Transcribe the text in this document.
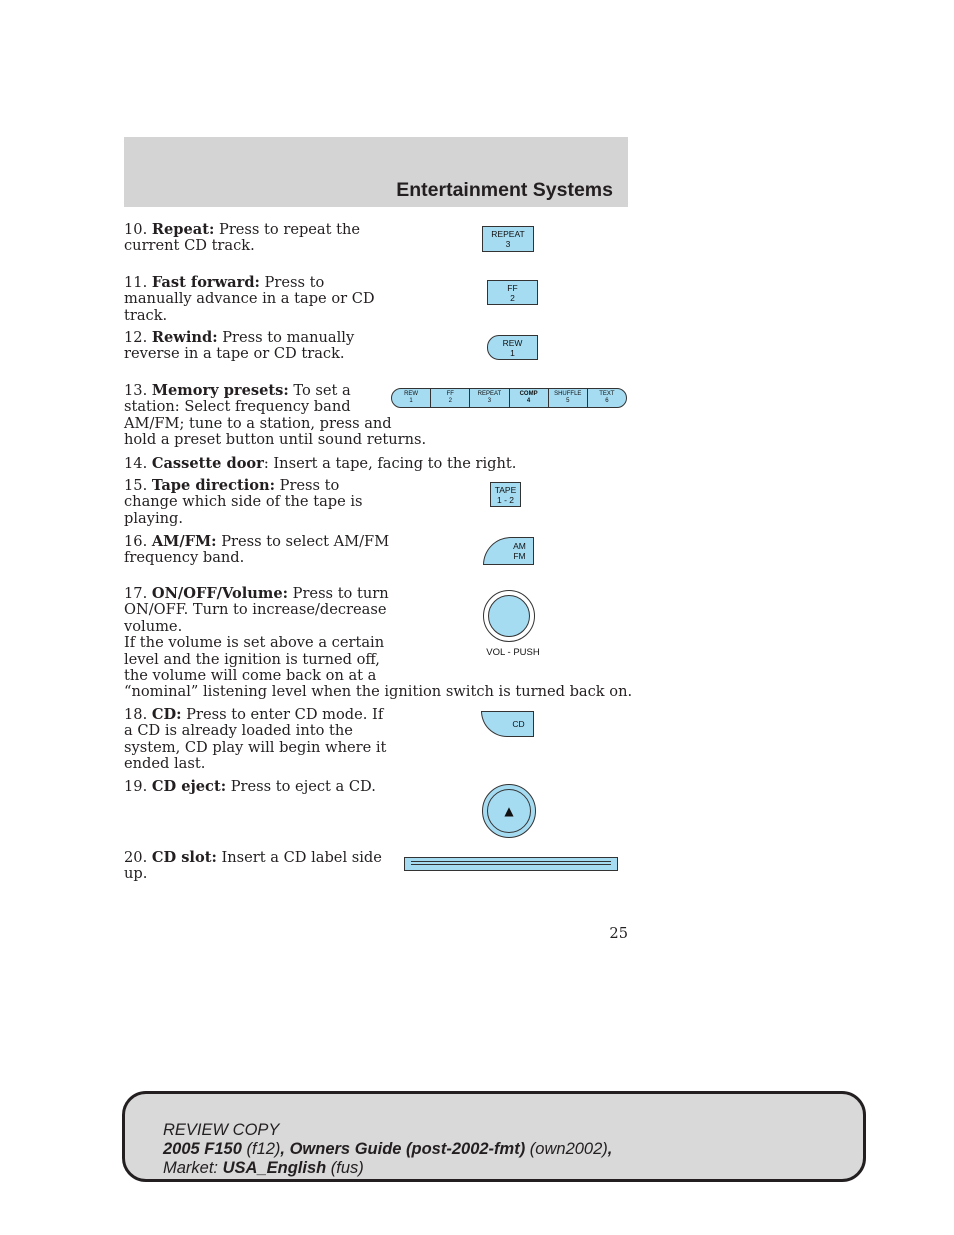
Entertainment Systems
10. Repeat: Press to repeat the
current CD track.
REPEAT
3
11. Fast forward: Press to
manually advance in a tape or CD
track.
FF
2
12. Rewind: Press to manually
reverse in a tape or CD track.
REW
1
13. Memory presets: To set a
station: Select frequency band
AM/FM; tune to a station, press and
hold a preset button until sound returns.
REW
1
FF
2
REPEAT
3
COMP
4
SHUFFLE
5
TEXT
6
14. Cassette door: Insert a tape, facing to the right.
15. Tape direction: Press to
change which side of the tape is
playing.
TAPE
1 - 2
16. AM/FM: Press to select AM/FM
frequency band.
AM
FM
17. ON/OFF/Volume: Press to turn
ON/OFF. Turn to increase/decrease
volume.
If the volume is set above a certain
level and the ignition is turned off,
the volume will come back on at a
“nominal” listening level when the ignition switch is turned back on.
VOL - PUSH
18. CD: Press to enter CD mode. If
a CD is already loaded into the
system, CD play will begin where it
ended last.
CD
19. CD eject: Press to eject a CD.
▲
20. CD slot: Insert a CD label side
up.
25
REVIEW COPY
2005 F150 (f12), Owners Guide (post-2002-fmt) (own2002),
Market: USA_English (fus)
